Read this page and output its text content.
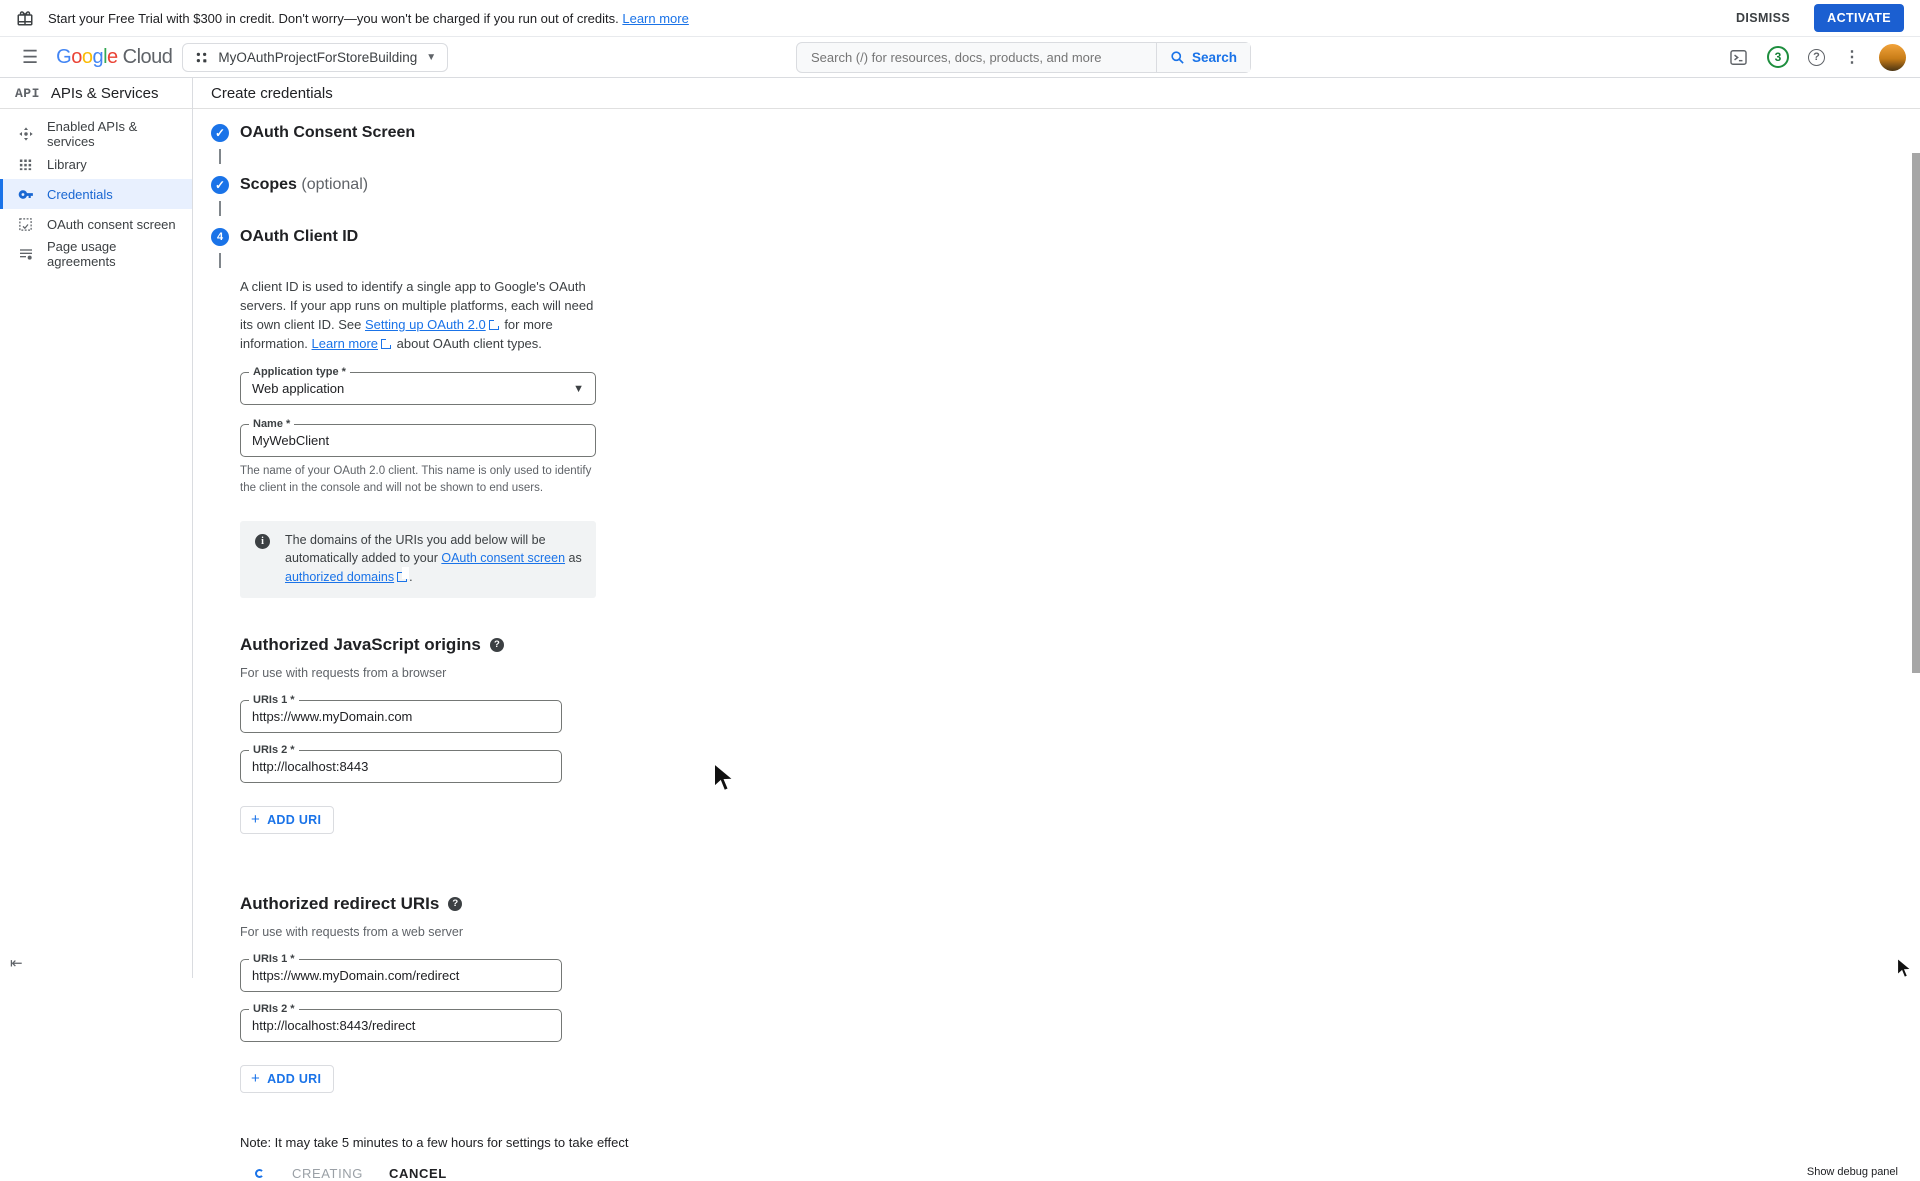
Start your Free Trial with $300 in credit. Don't worry—you won't be charged if you run out of credits. Learn more	DISMISS	ACTIVATE
☰ Google Cloud	MyOAuthProjectForStoreBuilding ▼
Search (/) for resources, docs, products, and more	Search	3	?	⋮
API APIs & Services
Enabled APIs & services
Library
Credentials
OAuth consent screen
Page usage agreements
⇤
Create credentials
✓ OAuth Consent Screen
✓ Scopes (optional)
4	OAuth Client ID
A client ID is used to identify a single app to Google's OAuth servers. If your app runs on multiple platforms, each will need its own client ID. See Setting up OAuth 2.0↗ for more information. Learn more↗ about OAuth client types.
Application type *
Web application	▼
Name *
MyWebClient
The name of your OAuth 2.0 client. This name is only used to identify the client in the console and will not be shown to end users.
i	The domains of the URIs you add below will be automatically added to your OAuth consent screen as authorized domains ↗ .
Authorized JavaScript origins	?
For use with requests from a browser
URIs 1 *
https://www.myDomain.com
URIs 2 *
http://localhost:8443
+ ADD URI
Authorized redirect URIs	?
For use with requests from a web server
URIs 1 *
https://www.myDomain.com/redirect
URIs 2 *
http://localhost:8443/redirect
+ ADD URI
Note: It may take 5 minutes to a few hours for settings to take effect
CREATING CANCEL	Show debug panel
